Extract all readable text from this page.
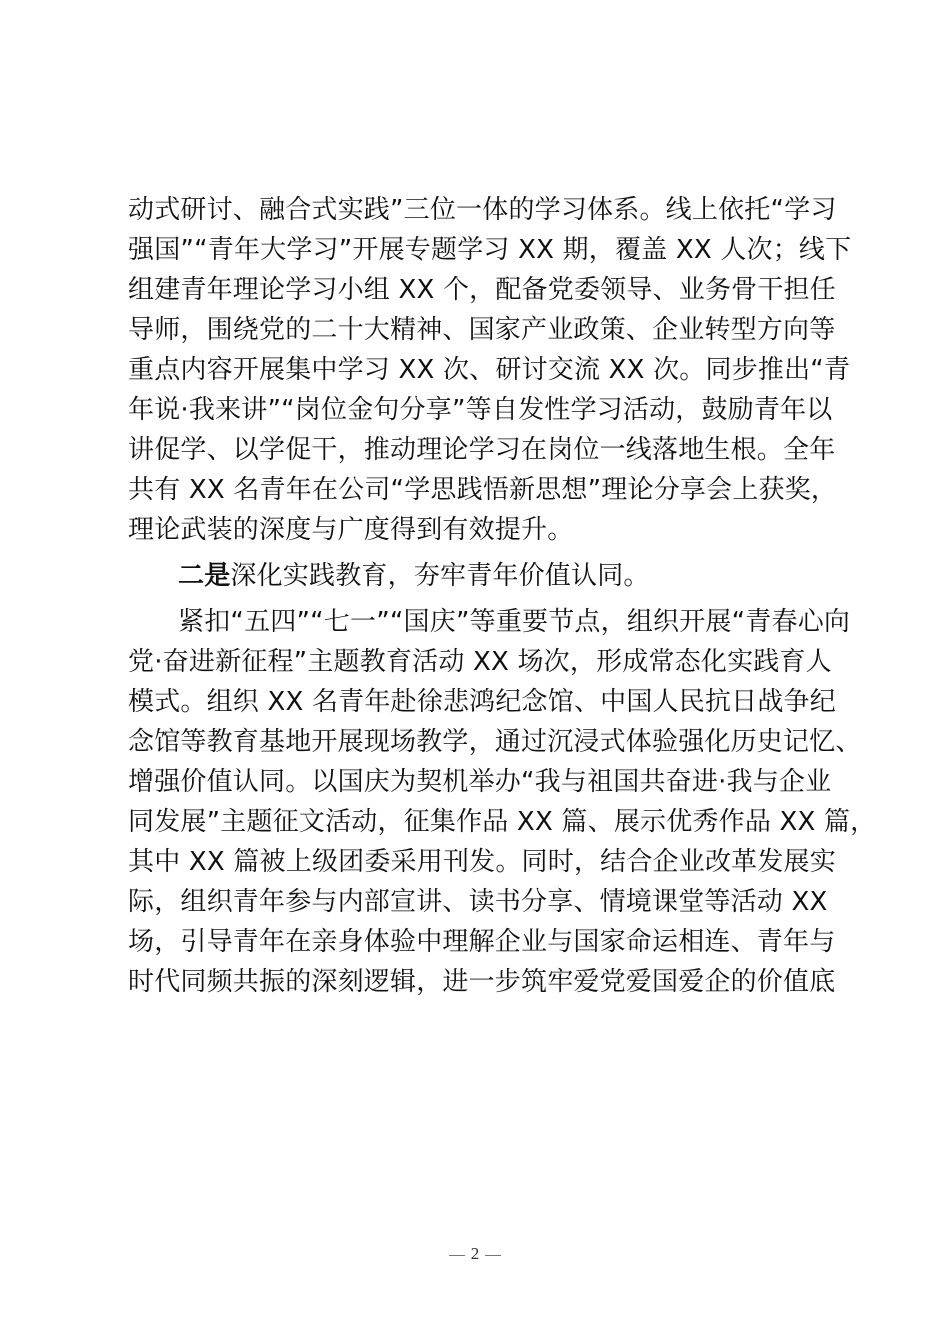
动式研讨、融合式实践”三位一体的学习体系。线上依托“学习
强国”“青年大学习”开展专题学习 XX 期，覆盖 XX 人次；线下
组建青年理论学习小组 XX 个，配备党委领导、业务骨干担任
导师，围绕党的二十大精神、国家产业政策、企业转型方向等
重点内容开展集中学习 XX 次、研讨交流 XX 次。同步推出“青
年说·我来讲”“岗位金句分享”等自发性学习活动，鼓励青年以
讲促学、以学促干，推动理论学习在岗位一线落地生根。全年
共有 XX 名青年在公司“学思践悟新思想”理论分享会上获奖，
理论武装的深度与广度得到有效提升。
二是深化实践教育，夯牢青年价值认同。
紧扣“五四”“七一”“国庆”等重要节点，组织开展“青春心向
党·奋进新征程”主题教育活动 XX 场次，形成常态化实践育人
模式。组织 XX 名青年赴徐悲鸿纪念馆、中国人民抗日战争纪
念馆等教育基地开展现场教学，通过沉浸式体验强化历史记忆、
增强价值认同。以国庆为契机举办“我与祖国共奋进·我与企业
同发展”主题征文活动，征集作品 XX 篇、展示优秀作品 XX 篇，
其中 XX 篇被上级团委采用刊发。同时，结合企业改革发展实
际，组织青年参与内部宣讲、读书分享、情境课堂等活动 XX
场，引导青年在亲身体验中理解企业与国家命运相连、青年与
时代同频共振的深刻逻辑，进一步筑牢爱党爱国爱企的价值底
2
